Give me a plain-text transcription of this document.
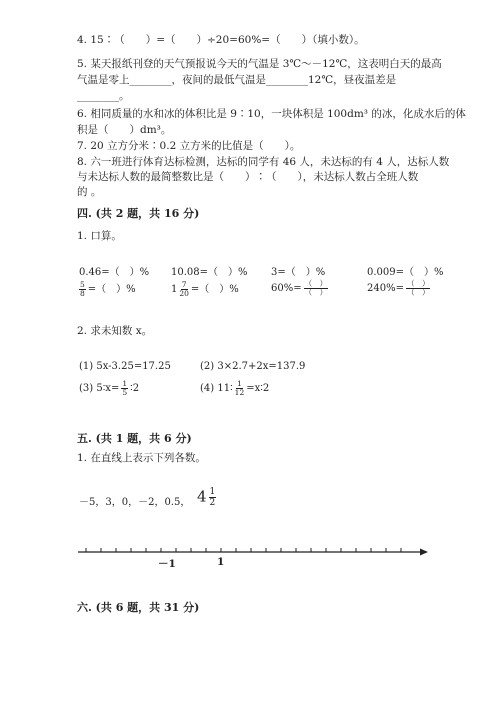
4. 15∶（　　）=（　　）÷20=60%=（　　）（填小数）。
5. 某天报纸刊登的天气预报说今天的气温是 3℃～－12℃，这表明白天的最高
气温是零上________，夜间的最低气温是________12℃，昼夜温差是
________。
6. 相同质量的水和冰的体积比是 9∶10，一块体积是 100dm³ 的冰，化成水后的体
积是（　　）dm³。
7. 20 立方分米∶0.2 立方米的比值是（　　）。
8. 六一班进行体育达标检测，达标的同学有 46 人，未达标的有 4 人，达标人数
与未达标人数的最简整数比是（　　）∶（　　），未达标人数占全班人数
的 。
四. (共 2 题，共 16 分)
1. 口算。
0.46=（　）% 10.08=（　）% 3=（　）%	0.009=（　）%
$\frac{5}{8}$ =（　）%	$1 \frac{7}{20}$ =（　）%	$60\%= \frac{( )}{( )}$	$240\%= \frac{( )}{( )}$
2. 求未知数 x。
(1) 5x-3.25=17.25	(2) 3×2.7+2x=137.9
(3) 5∶x= $\frac{1}{5}$ ∶2	(4) 11∶ $\frac{1}{12}$ =x∶2
五. (共 1 题，共 6 分)
1. 在直线上表示下列各数。
－5，3，0，－2，0.5， $4 \frac{1}{2}$
－1	1
六. (共 6 题，共 31 分)
